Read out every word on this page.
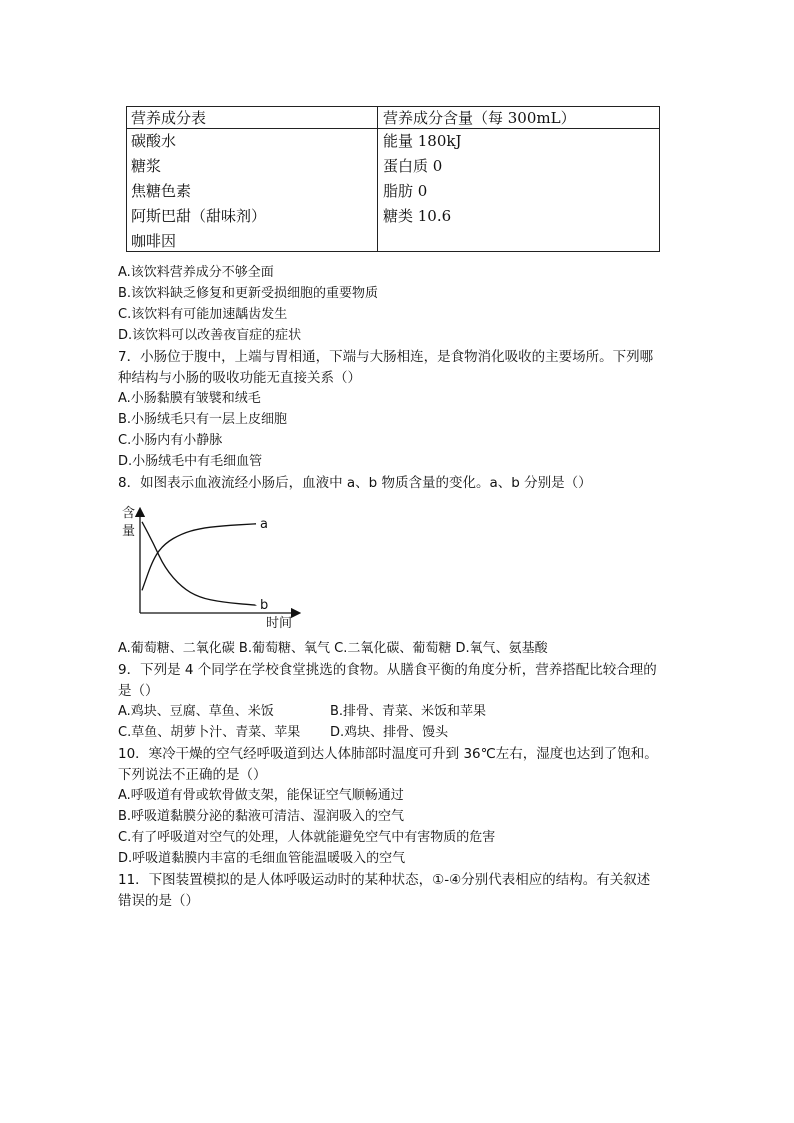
营养成分表	营养成分含量（每 300mL）
碳酸水
糖浆
焦糖色素
阿斯巴甜（甜味剂）
咖啡因
能量 180kJ
蛋白质 0
脂肪 0
糖类 10.6
A.该饮料营养成分不够全面
B.该饮料缺乏修复和更新受损细胞的重要物质
C.该饮料有可能加速龋齿发生
D.该饮料可以改善夜盲症的症状
7．小肠位于腹中，上端与胃相通，下端与大肠相连，是食物消化吸收的主要场所。下列哪
种结构与小肠的吸收功能无直接关系（）
A.小肠黏膜有皱襞和绒毛
B.小肠绒毛只有一层上皮细胞
C.小肠内有小静脉
D.小肠绒毛中有毛细血管
8．如图表示血液流经小肠后，血液中 a、b 物质含量的变化。a、b 分别是（）
含
量
时间
a
b
A.葡萄糖、二氧化碳 B.葡萄糖、氧气 C.二氧化碳、葡萄糖 D.氧气、氨基酸
9．下列是 4 个同学在学校食堂挑选的食物。从膳食平衡的角度分析，营养搭配比较合理的
是（）
A.鸡块、豆腐、草鱼、米饭	B.排骨、青菜、米饭和苹果
C.草鱼、胡萝卜汁、青菜、苹果 D.鸡块、排骨、馒头
10．寒冷干燥的空气经呼吸道到达人体肺部时温度可升到 36℃左右，湿度也达到了饱和。
下列说法不正确的是（）
A.呼吸道有骨或软骨做支架，能保证空气顺畅通过
B.呼吸道黏膜分泌的黏液可清洁、湿润吸入的空气
C.有了呼吸道对空气的处理，人体就能避免空气中有害物质的危害
D.呼吸道黏膜内丰富的毛细血管能温暖吸入的空气
11．下图装置模拟的是人体呼吸运动时的某种状态，①-④分别代表相应的结构。有关叙述
错误的是（）
